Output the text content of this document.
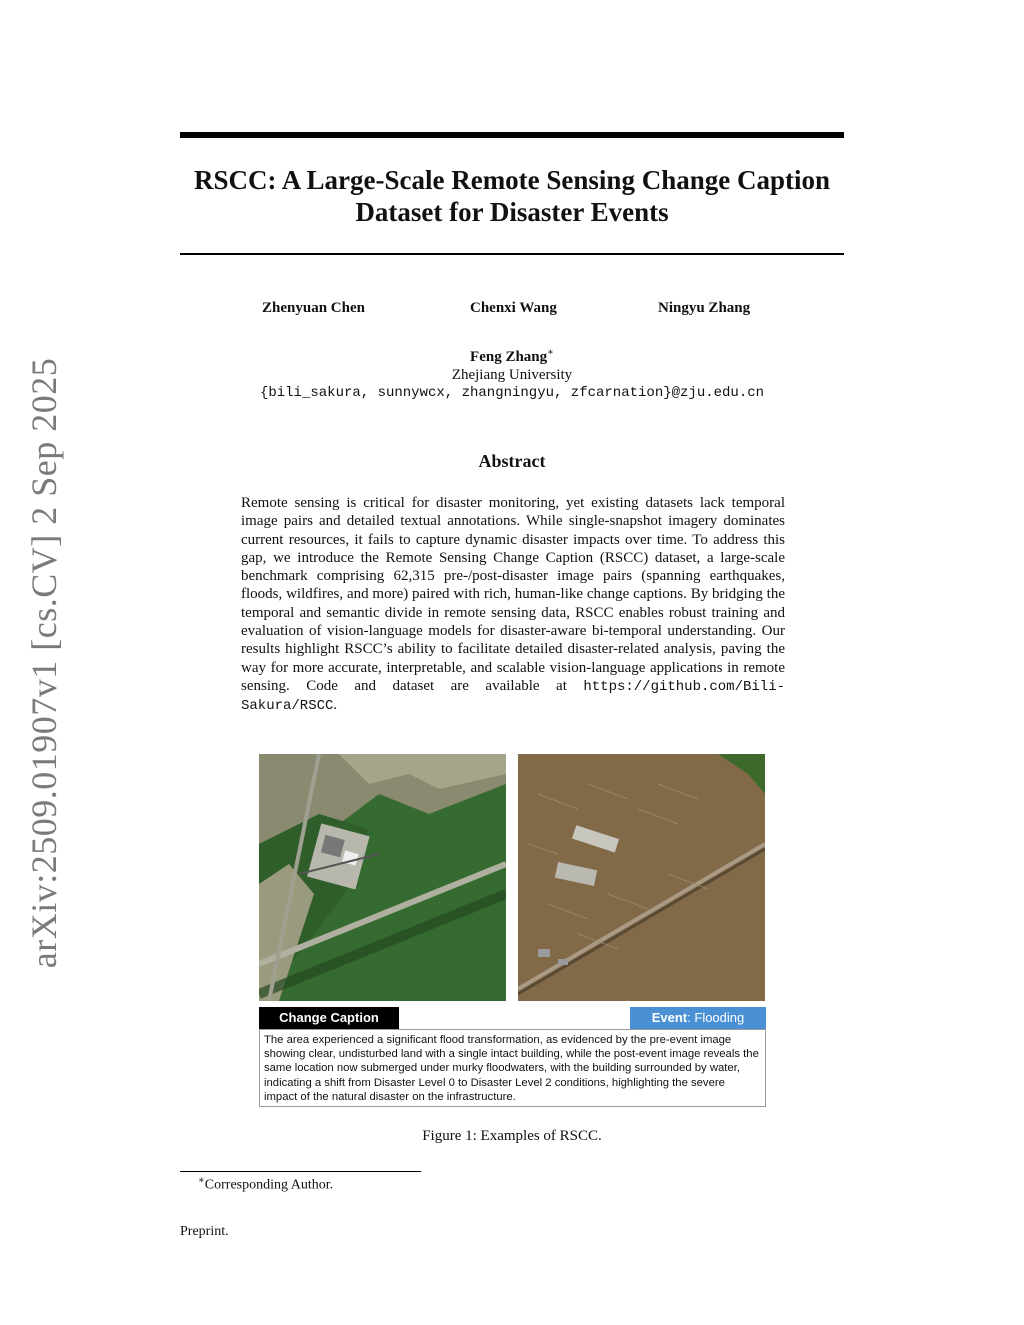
arXiv:2509.01907v1 [cs.CV] 2 Sep 2025
RSCC: A Large-Scale Remote Sensing Change Caption Dataset for Disaster Events
Zhenyuan Chen	Chenxi Wang	Ningyu Zhang
Feng Zhang∗
Zhejiang University
{bili_sakura, sunnywcx, zhangningyu, zfcarnation}@zju.edu.cn
Abstract
Remote sensing is critical for disaster monitoring, yet existing datasets lack temporal image pairs and detailed textual annotations. While single-snapshot imagery dominates current resources, it fails to capture dynamic disaster impacts over time. To address this gap, we introduce the Remote Sensing Change Caption (RSCC) dataset, a large-scale benchmark comprising 62,315 pre-/post-disaster image pairs (spanning earthquakes, floods, wildfires, and more) paired with rich, human-like change captions. By bridging the temporal and semantic divide in remote sensing data, RSCC enables robust training and evaluation of vision-language models for disaster-aware bi-temporal understanding. Our results highlight RSCC’s ability to facilitate detailed disaster-related analysis, paving the way for more accurate, interpretable, and scalable vision-language applications in remote sensing. Code and dataset are available at https://github.com/Bili-Sakura/RSCC.
Change Caption	Event: Flooding
The area experienced a significant flood transformation, as evidenced by the pre-event image showing clear, undisturbed land with a single intact building, while the post-event image reveals the same location now submerged under murky floodwaters, with the building surrounded by water, indicating a shift from Disaster Level 0 to Disaster Level 2 conditions, highlighting the severe impact of the natural disaster on the infrastructure.
Figure 1: Examples of RSCC.
∗Corresponding Author.
Preprint.
